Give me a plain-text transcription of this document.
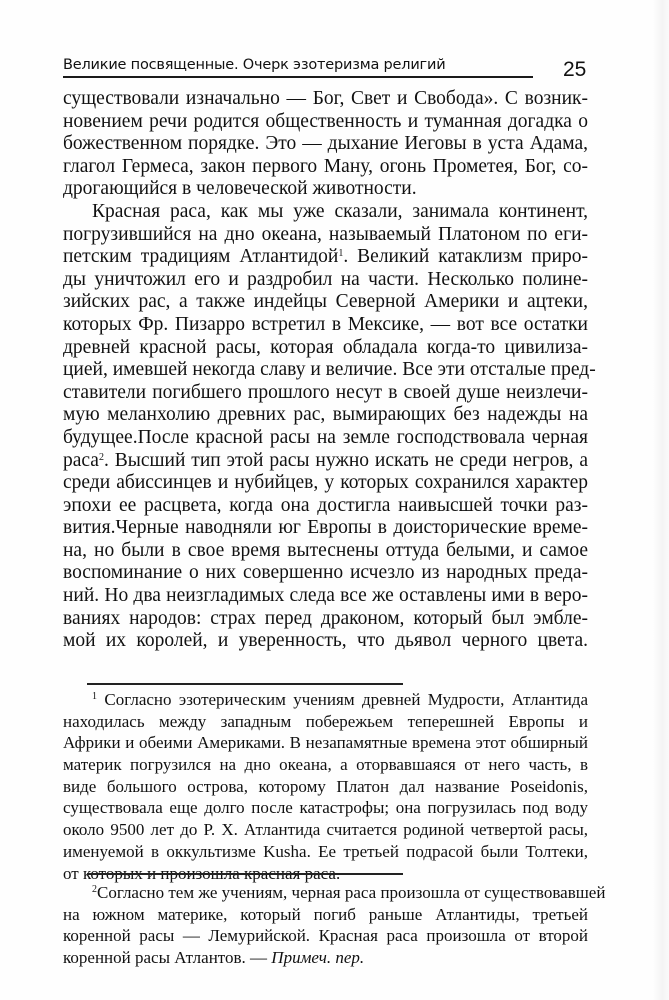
Великие посвященные. Очерк эзотеризма религий	25
существовали изначально — Бог, Свет и Свобода». С возник-
новением речи родится общественность и туманная догадка о
божественном порядке. Это — дыхание Иеговы в уста Адама,
глагол Гермеса, закон первого Ману, огонь Прометея, Бог, со-
дрогающийся в человеческой животности.
Красная раса, как мы уже сказали, занимала континент,
погрузившийся на дно океана, называемый Платоном по еги-
петским традициям Атлантидой$^1$. Великий катаклизм приро-
ды уничтожил его и раздробил на части. Несколько полине-
зийских рас, а также индейцы Северной Америки и ацтеки,
которых Фр. Пизарро встретил в Мексике, — вот все остатки
древней красной расы, которая обладала когда-то цивилиза-
цией, имевшей некогда славу и величие. Все эти отсталые пред-
ставители погибшего прошлого несут в своей душе неизлечи-
мую меланхолию древних рас, вымирающих без надежды на
будущее.После красной расы на земле господствовала черная
раса$^2$. Высший тип этой расы нужно искать не среди негров, а
среди абиссинцев и нубийцев, у которых сохранился характер
эпохи ее расцвета, когда она достигла наивысшей точки раз-
вития.Черные наводняли юг Европы в доисторические време-
на, но были в свое время вытеснены оттуда белыми, и самое
воспоминание о них совершенно исчезло из народных преда-
ний. Но два неизгладимых следа все же оставлены ими в веро-
ваниях народов: страх перед драконом, который был эмбле-
мой их королей, и уверенность, что дьявол черного цвета.
$^1$ Согласно эзотерическим учениям древней Мудрости, Атлантида
находилась между западным побережьем теперешней Европы и
Африки и обеими Америками. В незапамятные времена этот обширный
материк погрузился на дно океана, а оторвавшаяся от него часть, в
виде большого острова, которому Платон дал название Poseidonis,
существовала еще долго после катастрофы; она погрузилась под воду
около 9500 лет до Р. Х. Атлантида считается родиной четвертой расы,
именуемой в оккультизме Kusha. Ее третьей подрасой были Толтеки,
от которых и произошла красная раса.
$^2$Согласно тем же учениям, черная раса произошла от существовавшей
на южном материке, который погиб раньше Атлантиды, третьей
коренной расы — Лемурийской. Красная раса произошла от второй
коренной расы Атлантов. — Примеч. пер.
